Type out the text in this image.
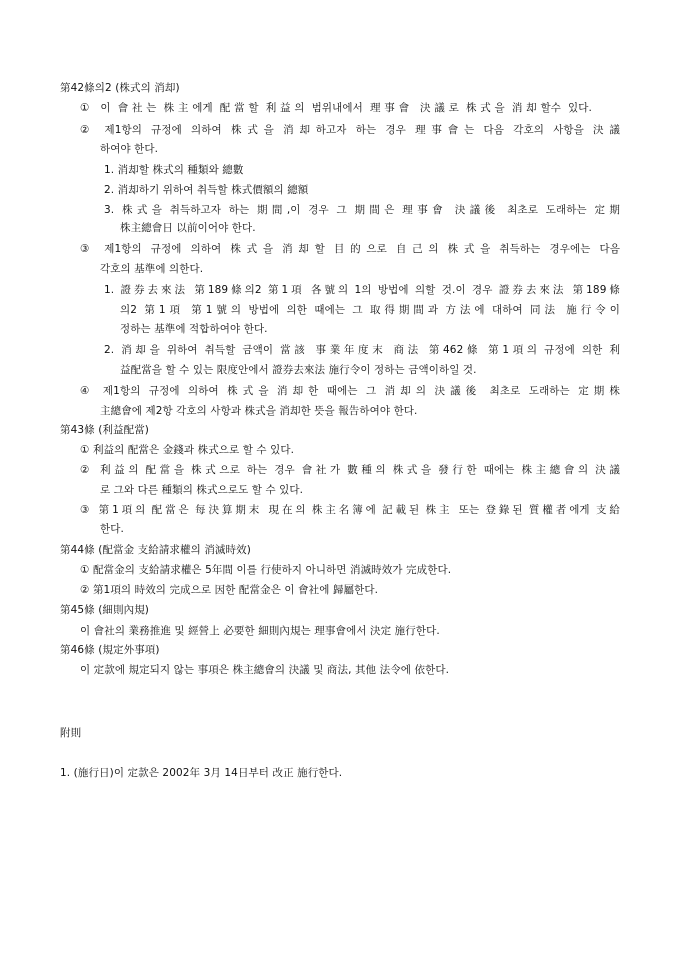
第42條의2 (株式의 消却)
① 이 會社는 株主에게 配當할 利益의 범위내에서 理事會 決議로 株式을 消却할수 있다.
② 제1항의 규정에 의하여 株式을 消却하고자 하는 경우 理事會는 다음 각호의 사항을 決議
하여야 한다.
1. 消却할 株式의 種類와 總數
2. 消却하기 위하여 취득할 株式價額의 總額
3. 株式을 취득하고자 하는 期間,이 경우 그 期間은 理事會 決議後 최초로 도래하는 定期
株主總會日 以前이어야 한다.
③ 제1항의 규정에 의하여 株式을 消却할 目的으로 自己의 株式을 취득하는 경우에는 다음
각호의 基準에 의한다.
1. 證券去來法 第189條의2 第1項 各號의 1의 방법에 의할 것.이 경우 證券去來法 第189條
의2 第1項 第1號의 방법에 의한 때에는 그 取得期間과 方法에 대하여 同法 施行令이
정하는 基準에 적합하여야 한다.
2. 消却을 위하여 취득할 금액이 當該 事業年度末 商法 第462條 第1項의 규정에 의한 利
益配當을 할 수 있는 限度안에서 證券去來法 施行令이 정하는 금액이하일 것.
④ 제1항의 규정에 의하여 株式을 消却한 때에는 그 消却의 決議後 최초로 도래하는 定期株
主總會에 제2항 각호의 사항과 株式을 消却한 뜻을 報告하여야 한다.
第43條 (利益配當)
① 利益의 配當은 金錢과 株式으로 할 수 있다.
② 利益의 配當을 株式으로 하는 경우 會社가 數種의 株式을 發行한 때에는 株主總會의 決議
로 그와 다른 種類의 株式으로도 할 수 있다.
③ 第1項의 配當은 每決算期末 現在의 株主名簿에 記載된 株主 또는 登錄된 質權者에게 支給
한다.
第44條 (配當金 支給請求權의 消滅時效)
① 配當金의 支給請求權은 5年間 이를 行使하지 아니하면 消滅時效가 完成한다.
② 第1項의 時效의 完成으로 因한 配當金은 이 會社에 歸屬한다.
第45條 (細則內規)
이 會社의 業務推進 및 經營上 必要한 細則內規는 理事會에서 決定 施行한다.
第46條 (規定外事項)
이 定款에 規定되지 않는 事項은 株主總會의 決議 및 商法, 其他 法令에 依한다.
附則
1. (施行日)이 定款은 2002年 3月 14日부터 改正 施行한다.
